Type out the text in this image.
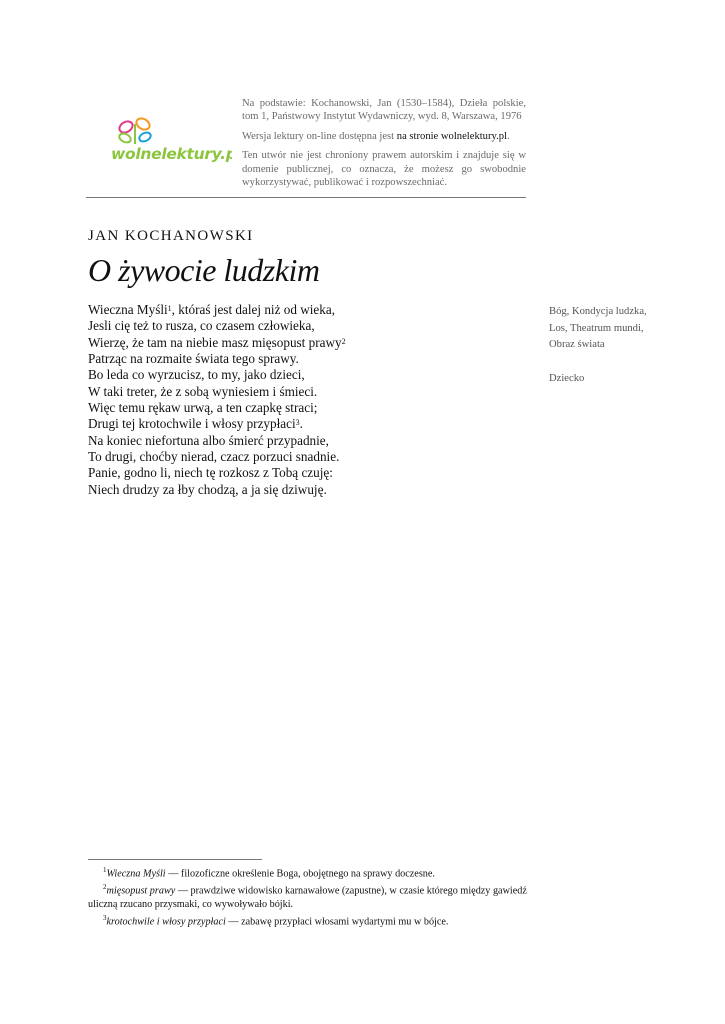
wolnelektury.pl

Na podstawie: Kochanowski, Jan (1530–1584), Dzieła polskie, tom 1, Państwowy Instytut Wydawniczy, wyd. 8, Warszawa, 1976

Wersja lektury on-line dostępna jest na stronie wolnelektury.pl.

Ten utwór nie jest chroniony prawem autorskim i znajduje się w domenie publicznej, co oznacza, że możesz go swobodnie wykorzystywać, publikować i rozpowszechniać.

JAN KOCHANOWSKI
O żywocie ludzkim
Wieczna Myśli$^1$, któraś jest dalej niż od wieka,
Jesli cię też to rusza, co czasem człowieka,
Wierzę, że tam na niebie masz mięsopust prawy$^2$
Patrząc na rozmaite świata tego sprawy.
Bo leda co wyrzucisz, to my, jako dzieci,
W taki treter, że z sobą wyniesiem i śmieci.
Więc temu rękaw urwą, a ten czapkę straci;
Drugi tej krotochwile i włosy przypłaci$^3$.
Na koniec niefortuna albo śmierć przypadnie,
To drugi, choćby nierad, czacz porzuci snadnie.
Panie, godno li, niech tę rozkosz z Tobą czuję:
Niech drudzy za łby chodzą, a ja się dziwuję.
Bóg, Kondycja ludzka,
Los, Theatrum mundi,
Obraz świata
Dziecko

$^1$Wieczna Myśli — filozoficzne określenie Boga, obojętnego na sprawy doczesne.

$^2$mięsopust prawy — prawdziwe widowisko karnawałowe (zapustne), w czasie którego między gawiedź uliczną rzucano przysmaki, co wywoływało bójki.

$^3$krotochwile i włosy przypłaci — zabawę przypłaci włosami wydartymi mu w bójce.
